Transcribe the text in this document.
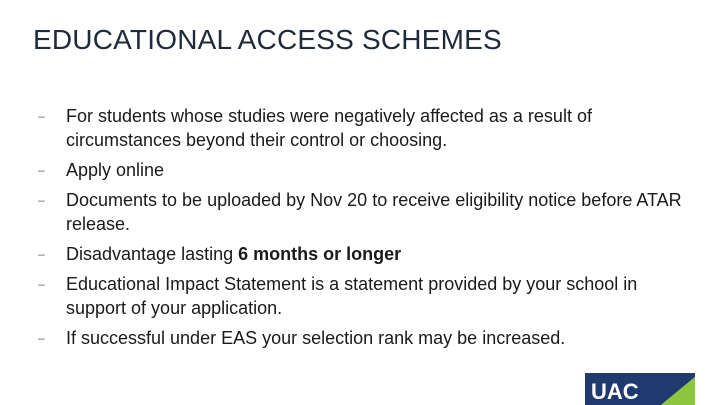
EDUCATIONAL ACCESS SCHEMES
– For students whose studies were negatively affected as a result of circumstances beyond their control or choosing.
– Apply online
– Documents to be uploaded by Nov 20 to receive eligibility notice before ATAR release.
– Disadvantage lasting 6 months or longer
– Educational Impact Statement is a statement provided by your school in support of your application.
– If successful under EAS your selection rank may be increased.
UAC
